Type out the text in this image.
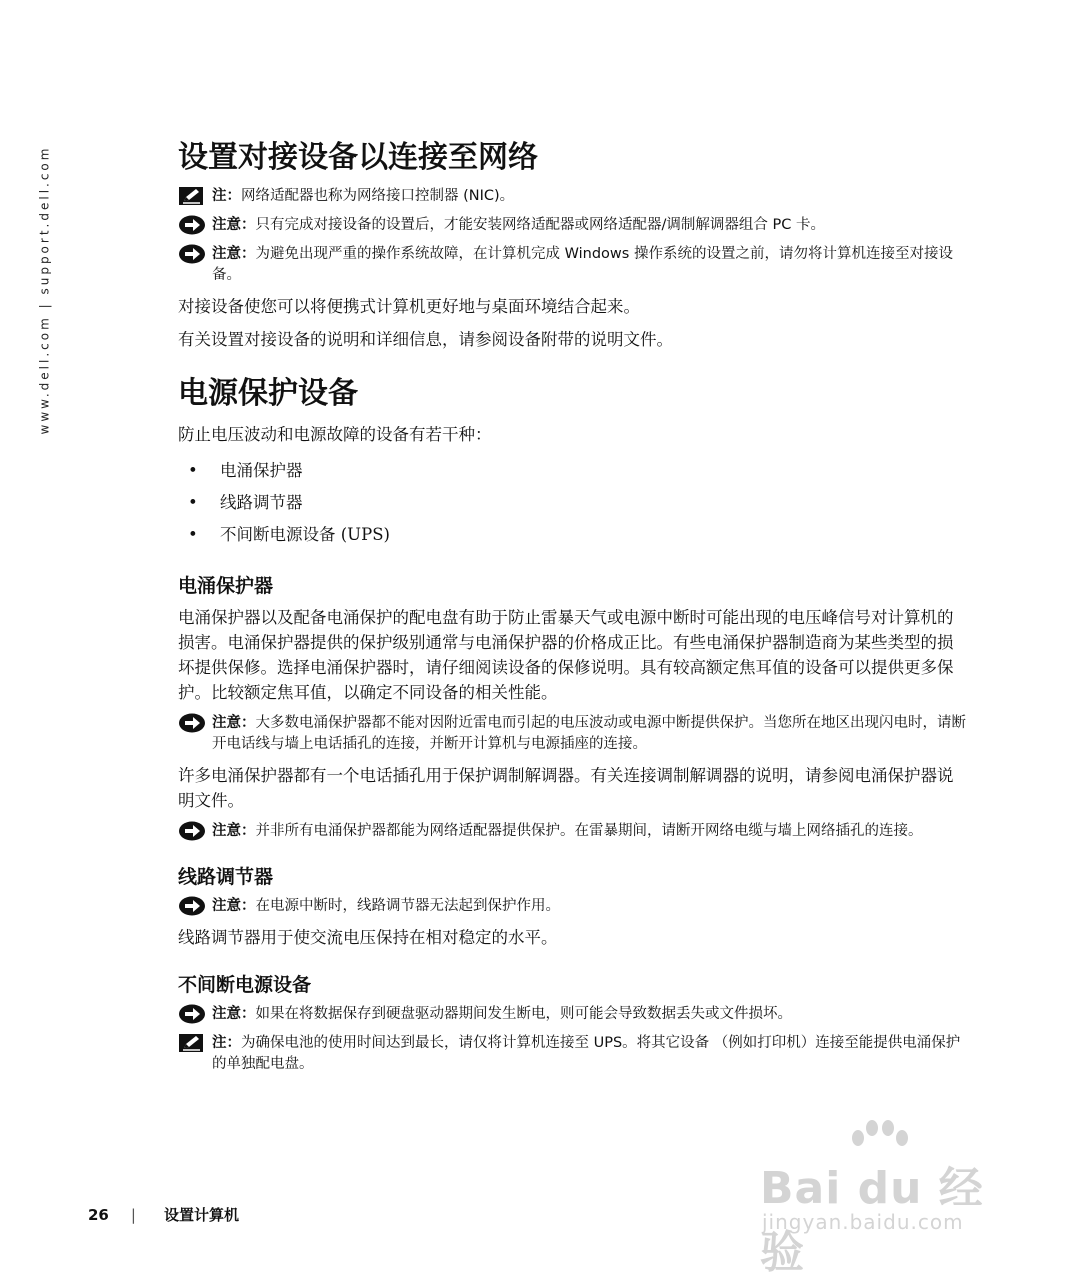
www.dell.com | support.dell.com	设置对接设备以连接至网络
注：网络适配器也称为网络接口控制器 (NIC)。
注意：只有完成对接设备的设置后，才能安装网络适配器或网络适配器/调制解调器组合 PC 卡。
注意：为避免出现严重的操作系统故障，在计算机完成 Windows 操作系统的设置之前，请勿将计算机连接至对接设备。

对接设备使您可以将便携式计算机更好地与桌面环境结合起来。

有关设置对接设备的说明和详细信息，请参阅设备附带的说明文件。

电源保护设备

防止电压波动和电源故障的设备有若干种：

•	电涌保护器
•	线路调节器
•	不间断电源设备 (UPS)
电涌保护器

电涌保护器以及配备电涌保护的配电盘有助于防止雷暴天气或电源中断时可能出现的电压峰信号对计算机的损害。电涌保护器提供的保护级别通常与电涌保护器的价格成正比。有些电涌保护器制造商为某些类型的损坏提供保修。选择电涌保护器时，请仔细阅读设备的保修说明。具有较高额定焦耳值的设备可以提供更多保护。比较额定焦耳值，以确定不同设备的相关性能。

注意：大多数电涌保护器都不能对因附近雷电而引起的电压波动或电源中断提供保护。当您所在地区出现闪电时，请断开电话线与墙上电话插孔的连接，并断开计算机与电源插座的连接。

许多电涌保护器都有一个电话插孔用于保护调制解调器。有关连接调制解调器的说明，请参阅电涌保护器说明文件。

注意：并非所有电涌保护器都能为网络适配器提供保护。在雷暴期间，请断开网络电缆与墙上网络插孔的连接。
线路调节器
注意：在电源中断时，线路调节器无法起到保护作用。

线路调节器用于使交流电压保持在相对稳定的水平。

不间断电源设备
注意：如果在将数据保存到硬盘驱动器期间发生断电，则可能会导致数据丢失或文件损坏。
注：为确保电池的使用时间达到最长，请仅将计算机连接至 UPS。将其它设备 （例如打印机）连接至能提供电涌保护的单独配电盘。
26 | 设置计算机
Bai du 经验
jingyan.baidu.com
